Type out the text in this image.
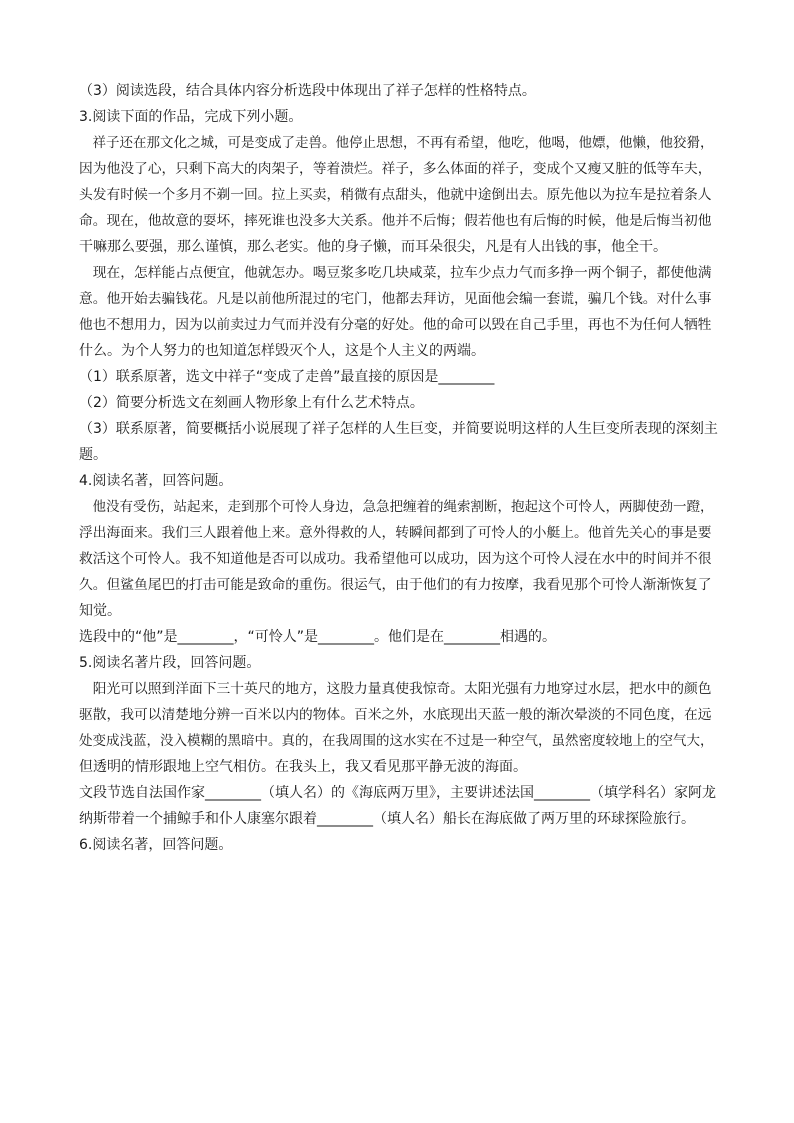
（3）阅读选段，结合具体内容分析选段中体现出了祥子怎样的性格特点。
3.阅读下面的作品，完成下列小题。
　祥子还在那文化之城，可是变成了走兽。他停止思想，不再有希望，他吃，他喝，他嫖，他懒，他狡猾，
因为他没了心，只剩下高大的肉架子，等着溃烂。祥子，多么体面的祥子，变成个又瘦又脏的低等车夫，
头发有时候一个多月不剃一回。拉上买卖，稍微有点甜头，他就中途倒出去。原先他以为拉车是拉着条人
命。现在，他故意的耍坏，摔死谁也没多大关系。他并不后悔；假若他也有后悔的时候，他是后悔当初他
干嘛那么要强，那么谨慎，那么老实。他的身子懒，而耳朵很尖，凡是有人出钱的事，他全干。
　现在，怎样能占点便宜，他就怎办。喝豆浆多吃几块咸菜，拉车少点力气而多挣一两个铜子，都使他满
意。他开始去骗钱花。凡是以前他所混过的宅门，他都去拜访，见面他会编一套谎，骗几个钱。对什么事
他也不想用力，因为以前卖过力气而并没有分毫的好处。他的命可以毁在自己手里，再也不为任何人牺牲
什么。为个人努力的也知道怎样毁灭个人，这是个人主义的两端。
（1）联系原著，选文中祥子“变成了走兽”最直接的原因是________
（2）简要分析选文在刻画人物形象上有什么艺术特点。
（3）联系原著，简要概括小说展现了祥子怎样的人生巨变，并简要说明这样的人生巨变所表现的深刻主
题。
4.阅读名著，回答问题。
　他没有受伤，站起来，走到那个可怜人身边，急急把缠着的绳索割断，抱起这个可怜人，两脚使劲一蹬，
浮出海面来。我们三人跟着他上来。意外得救的人，转瞬间都到了可怜人的小艇上。他首先关心的事是要
救活这个可怜人。我不知道他是否可以成功。我希望他可以成功，因为这个可怜人浸在水中的时间并不很
久。但鲨鱼尾巴的打击可能是致命的重伤。很运气，由于他们的有力按摩，我看见那个可怜人渐渐恢复了
知觉。
选段中的“他”是________，“可怜人”是________。他们是在________相遇的。
5.阅读名著片段，回答问题。
　阳光可以照到洋面下三十英尺的地方，这股力量真使我惊奇。太阳光强有力地穿过水层，把水中的颜色
驱散，我可以清楚地分辨一百米以内的物体。百米之外，水底现出天蓝一般的渐次晕淡的不同色度，在远
处变成浅蓝，没入模糊的黑暗中。真的，在我周围的这水实在不过是一种空气，虽然密度较地上的空气大，
但透明的情形跟地上空气相仿。在我头上，我又看见那平静无波的海面。
文段节选自法国作家________（填人名）的《海底两万里》，主要讲述法国________（填学科名）家阿龙
纳斯带着一个捕鲸手和仆人康塞尔跟着________（填人名）船长在海底做了两万里的环球探险旅行。
6.阅读名著，回答问题。
